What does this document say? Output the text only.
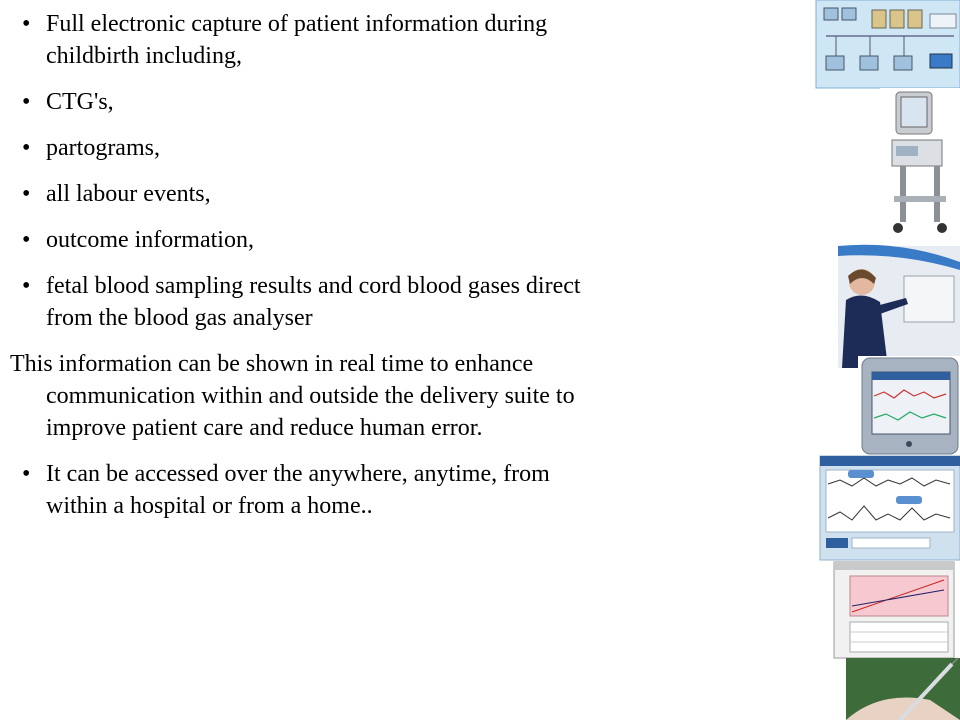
• Full electronic capture of patient information during childbirth including,
• CTG's,
• partograms,
• all labour events,
• outcome information,
• fetal blood sampling results and cord blood gases direct from the blood gas analyser
This information can be shown in real time to enhance communication within and outside the delivery suite to improve patient care and reduce human error.
• It can be accessed over the anywhere, anytime, from within a hospital or from a home..
